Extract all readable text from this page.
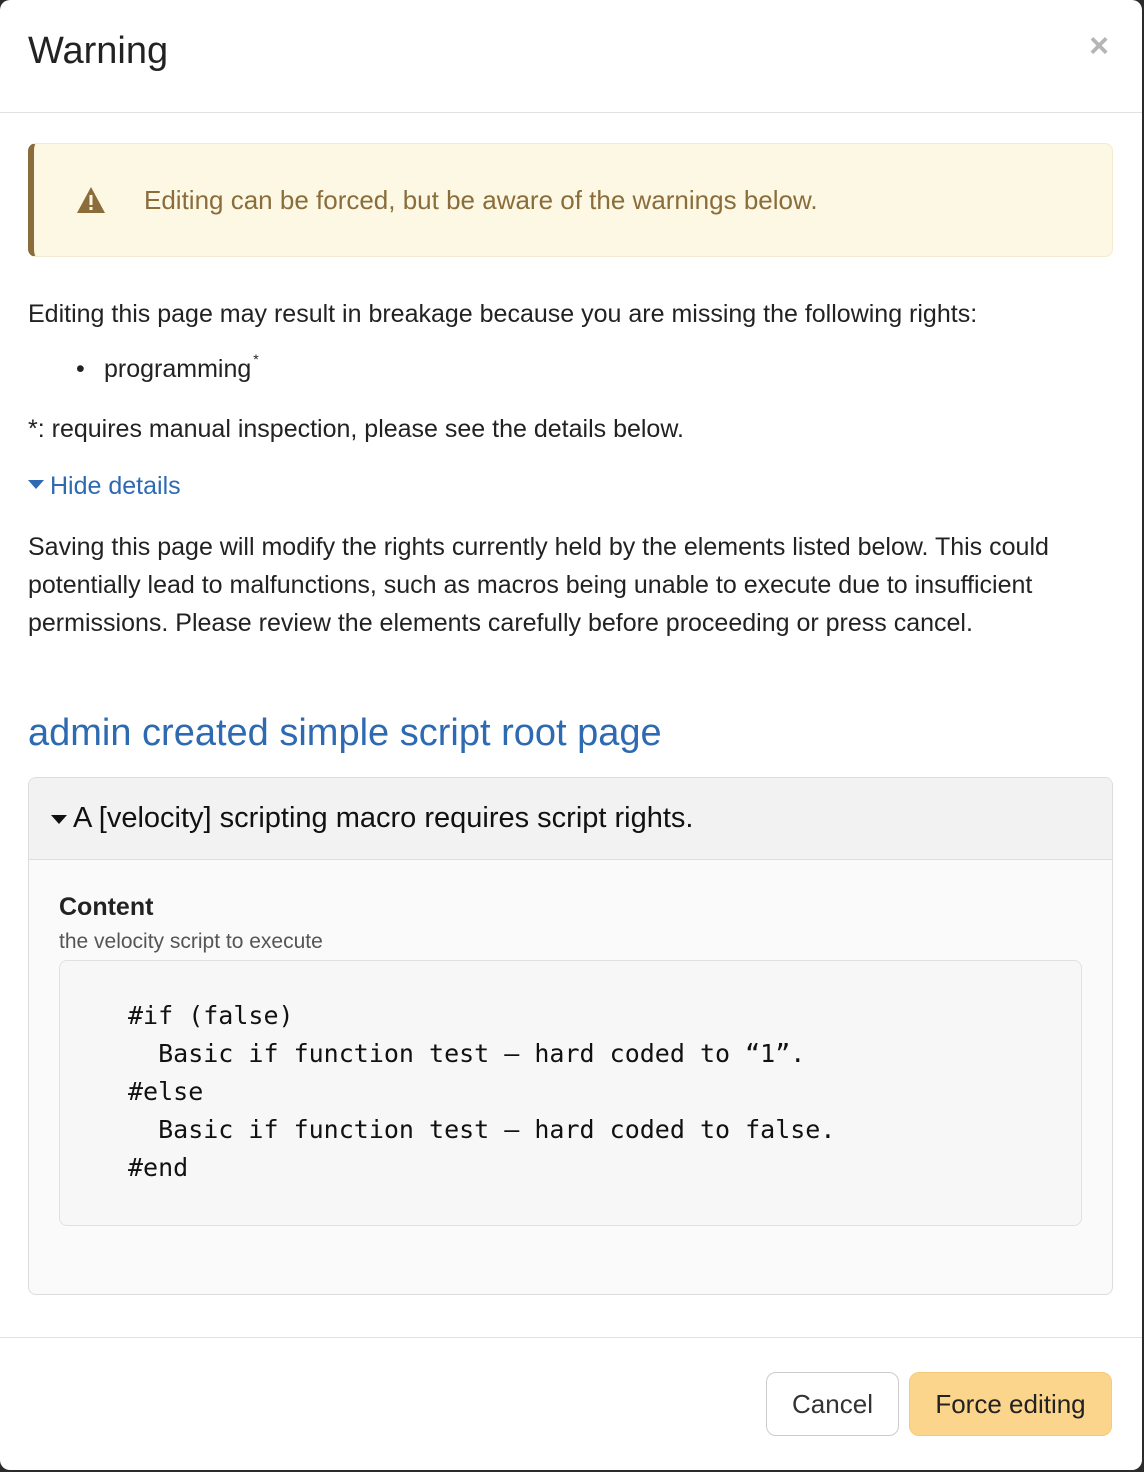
Warning	×
Editing can be forced, but be aware of the warnings below.
Editing this page may result in breakage because you are missing the following rights:
• programming *
*: requires manual inspection, please see the details below.
Hide details
Saving this page will modify the rights currently held by the elements listed below. This could potentially lead to malfunctions, such as macros being unable to execute due to insufficient permissions. Please review the elements carefully before proceeding or press cancel.
admin created simple script root page
A [velocity] scripting macro requires script rights.
Content
the velocity script to execute
#if (false)
Basic if function test – hard coded to “1”.
#else
Basic if function test – hard coded to false.
#end
Cancel	Force editing
